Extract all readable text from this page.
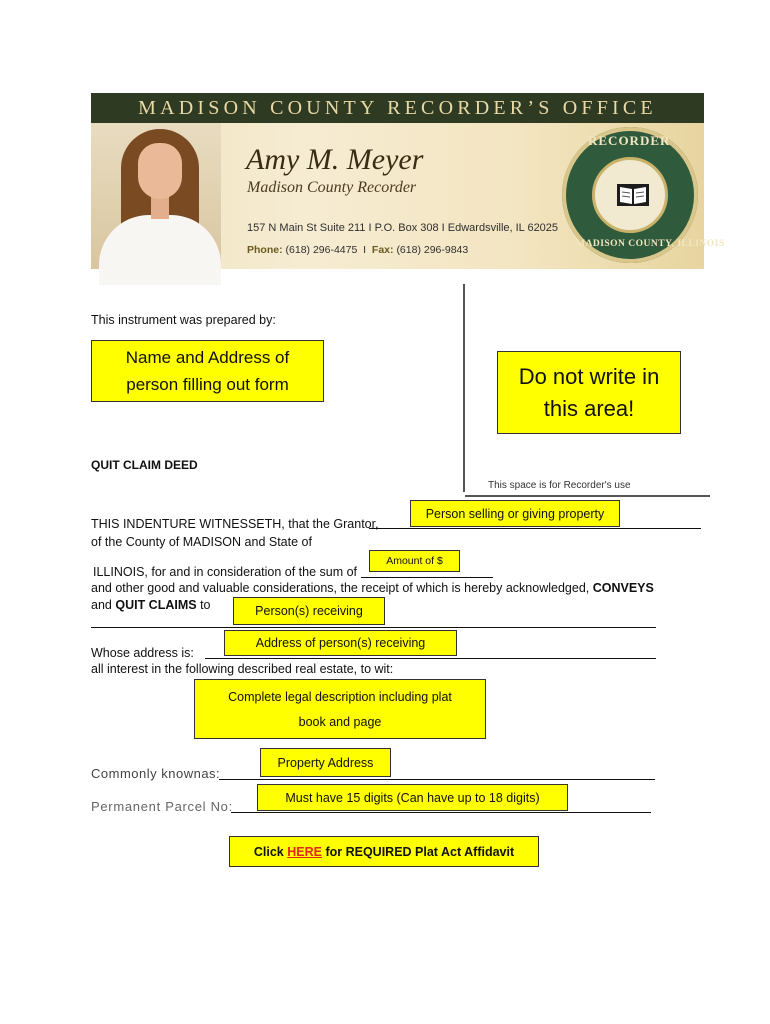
MADISON COUNTY RECORDER’S OFFICE
Amy M. Meyer
Madison County Recorder
157 N Main St Suite 211 I P.O. Box 308 I Edwardsville, IL 62025
Phone: (618) 296-4475  I  Fax: (618) 296-9843
RECORDER
MADISON COUNTY, ILLINOIS
This instrument was prepared by:
Name and Address of person filling out form	Do not write in this area!
QUIT CLAIM DEED
This space is for Recorder's use
THIS INDENTURE WITNESSETH, that the Grantor,
Person selling or giving property
of the County of MADISON and State of
Amount of $
ILLINOIS, for and in consideration of the sum of
and other good and valuable considerations, the receipt of which is hereby acknowledged, CONVEYS
and QUIT CLAIMS to	Person(s) receiving
Address of person(s) receiving
Whose address is:
all interest in the following described real estate, to wit:
Complete legal description including plat
book and page
Property Address
Commonly knownas:
Must have 15 digits (Can have up to 18 digits)
Permanent Parcel No:
Click
HERE
for REQUIRED Plat Act Affidavit
